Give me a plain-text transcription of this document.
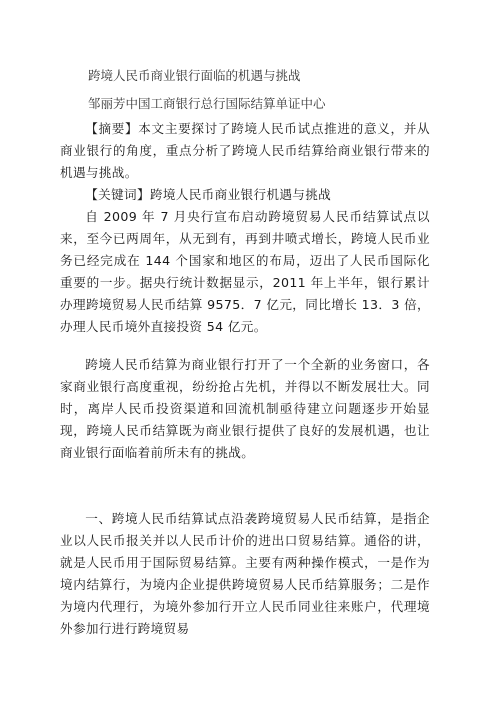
跨境人民币商业银行面临的机遇与挑战
邹丽芳中国工商银行总行国际结算单证中心

【摘要】本文主要探讨了跨境人民币试点推进的意义，并从商业银行的角度，重点分析了跨境人民币结算给商业银行带来的机遇与挑战。

【关键词】跨境人民币商业银行机遇与挑战

自 2009 年 7 月央行宣布启动跨境贸易人民币结算试点以来，至今已两周年，从无到有，再到井喷式增长，跨境人民币业务已经完成在 144 个国家和地区的布局，迈出了人民币国际化重要的一步。据央行统计数据显示，2011 年上半年，银行累计办理跨境贸易人民币结算 9575．7 亿元，同比增长 13．3 倍，办理人民币境外直接投资 54 亿元。

跨境人民币结算为商业银行打开了一个全新的业务窗口，各家商业银行高度重视，纷纷抢占先机，并得以不断发展壮大。同时，离岸人民币投资渠道和回流机制亟待建立问题逐步开始显现，跨境人民币结算既为商业银行提供了良好的发展机遇，也让商业银行面临着前所未有的挑战。

一、跨境人民币结算试点沿袭跨境贸易人民币结算，是指企业以人民币报关并以人民币计价的进出口贸易结算。通俗的讲，就是人民币用于国际贸易结算。主要有两种操作模式，一是作为境内结算行，为境内企业提供跨境贸易人民币结算服务；二是作为境内代理行，为境外参加行开立人民币同业往来账户，代理境外参加行进行跨境贸易
